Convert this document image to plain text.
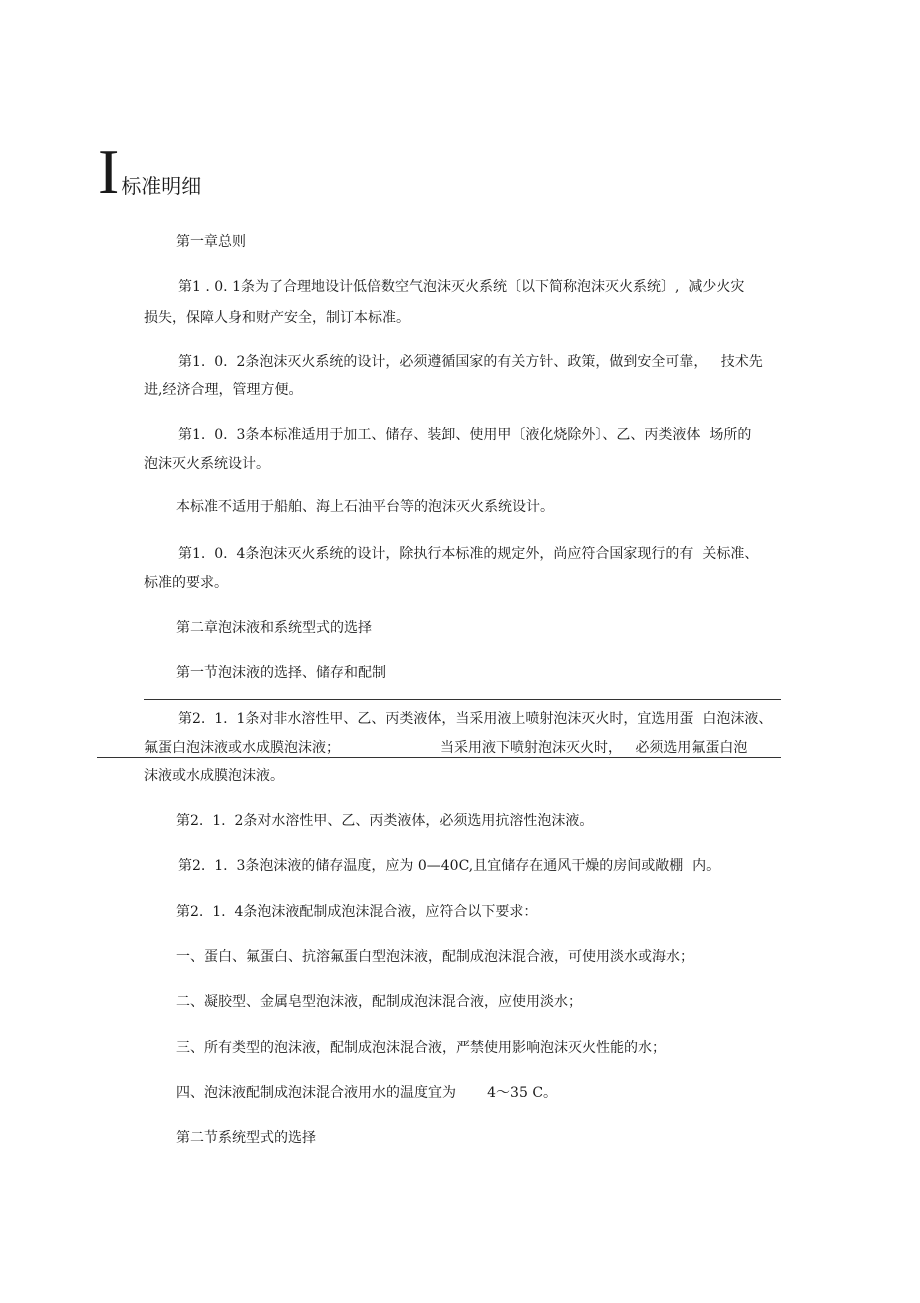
I标准明细
第一章总则
第1 . 0. 1条为了合理地设计低倍数空气泡沫灭火系统〔以下简称泡沫灭火系统〕,  减少火灾
损失，保障人身和财产安全，制订本标准。
第1.  0.  2条泡沫灭火系统的设计，必须遵循国家的有关方针、政策，做到安全可靠，   技术先
进,经济合理，管理方便。
第1.  0.  3条本标准适用于加工、储存、装卸、使用甲〔液化烧除外〕、乙、丙类液体  场所的
泡沫灭火系统设计。
本标准不适用于船舶、海上石油平台等的泡沫灭火系统设计。
第1.  0.  4条泡沫灭火系统的设计，除执行本标准的规定外，尚应符合国家现行的有  关标准、
标准的要求。
第二章泡沫液和系统型式的选择
第一节泡沫液的选择、储存和配制
第2.  1.  1条对非水溶性甲、乙、丙类液体，当采用液上喷射泡沫灭火时，宜选用蛋  白泡沫液、
氟蛋白泡沫液或水成膜泡沫液；	当采用液下喷射泡沫灭火时，   必须选用氟蛋白泡
沫液或水成膜泡沫液。
第2.  1.  2条对水溶性甲、乙、丙类液体，必须选用抗溶性泡沫液。
第2.  1.  3条泡沫液的储存温度，应为 0—40C,且宜储存在通风干燥的房间或敞棚  内。
第2.  1.  4条泡沫液配制成泡沫混合液，应符合以下要求：
一、蛋白、氟蛋白、抗溶氟蛋白型泡沫液，配制成泡沫混合液，可使用淡水或海水；
二、凝胶型、金属皂型泡沫液，配制成泡沫混合液，应使用淡水；
三、所有类型的泡沫液，配制成泡沫混合液，严禁使用影响泡沫灭火性能的水；
四、泡沫液配制成泡沫混合液用水的温度宜为       4～35 C。
第二节系统型式的选择
